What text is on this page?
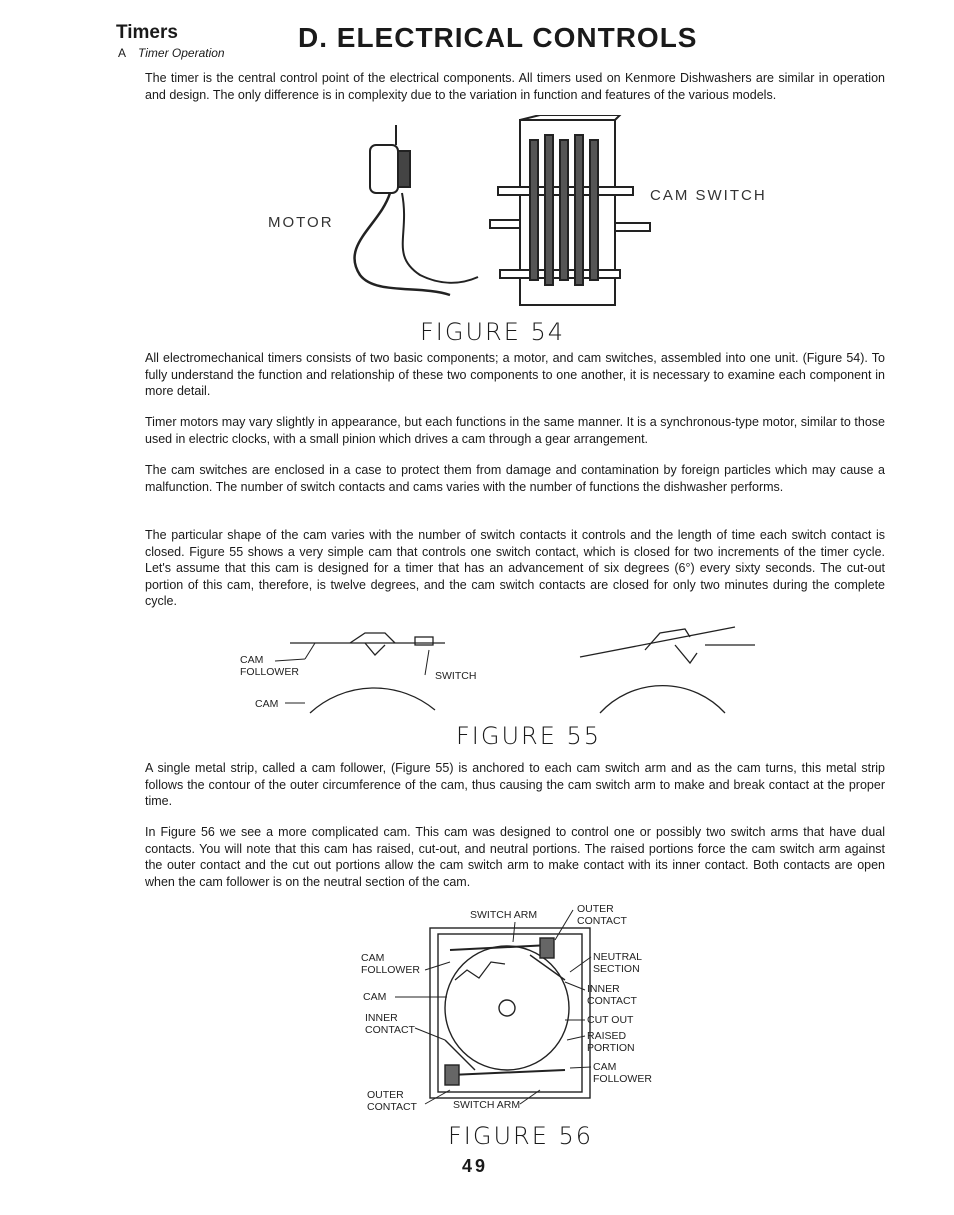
Timers
A Timer Operation	D. ELECTRICAL CONTROLS
The timer is the central control point of the electrical components. All timers used on Kenmore Dishwashers are similar in operation and design. The only difference is in complexity due to the variation in function and features of the various models.
MOTOR
CAM SWITCH
FIGURE 54
All electromechanical timers consists of two basic components; a motor, and cam switches, assembled into one unit. (Figure 54). To fully understand the function and relationship of these two components to one another, it is necessary to examine each component in more detail.
Timer motors may vary slightly in appearance, but each functions in the same manner. It is a synchronous-type motor, similar to those used in electric clocks, with a small pinion which drives a cam through a gear arrangement.
The cam switches are enclosed in a case to protect them from damage and contamination by foreign particles which may cause a malfunction. The number of switch contacts and cams varies with the number of functions the dishwasher performs.
The particular shape of the cam varies with the number of switch contacts it controls and the length of time each switch contact is closed. Figure 55 shows a very simple cam that controls one switch contact, which is closed for two increments of the timer cycle. Let's assume that this cam is designed for a timer that has an advancement of six degrees (6°) every sixty seconds. The cut-out portion of this cam, therefore, is twelve degrees, and the cam switch contacts are closed for only two minutes during the complete cycle.
CAM
FOLLOWER	SWITCH
CAM
FIGURE 55
A single metal strip, called a cam follower, (Figure 55) is anchored to each cam switch arm and as the cam turns, this metal strip follows the contour of the outer circumference of the cam, thus causing the cam switch arm to make and break contact at the proper time.
In Figure 56 we see a more complicated cam. This cam was designed to control one or possibly two switch arms that have dual contacts. You will note that this cam has raised, cut-out, and neutral portions. The raised portions force the cam switch arm against the outer contact and the cut out portions allow the cam switch arm to make contact with its inner contact. Both contacts are open when the cam follower is on the neutral section of the cam.
SWITCH ARM	OUTER
CONTACT
CAM
FOLLOWER
NEUTRAL
SECTION
CAM
INNER
CONTACT
INNER
CONTACT
CUT OUT
RAISED
PORTION
CAM
FOLLOWER
OUTER
CONTACT	SWITCH ARM
FIGURE 56
49
